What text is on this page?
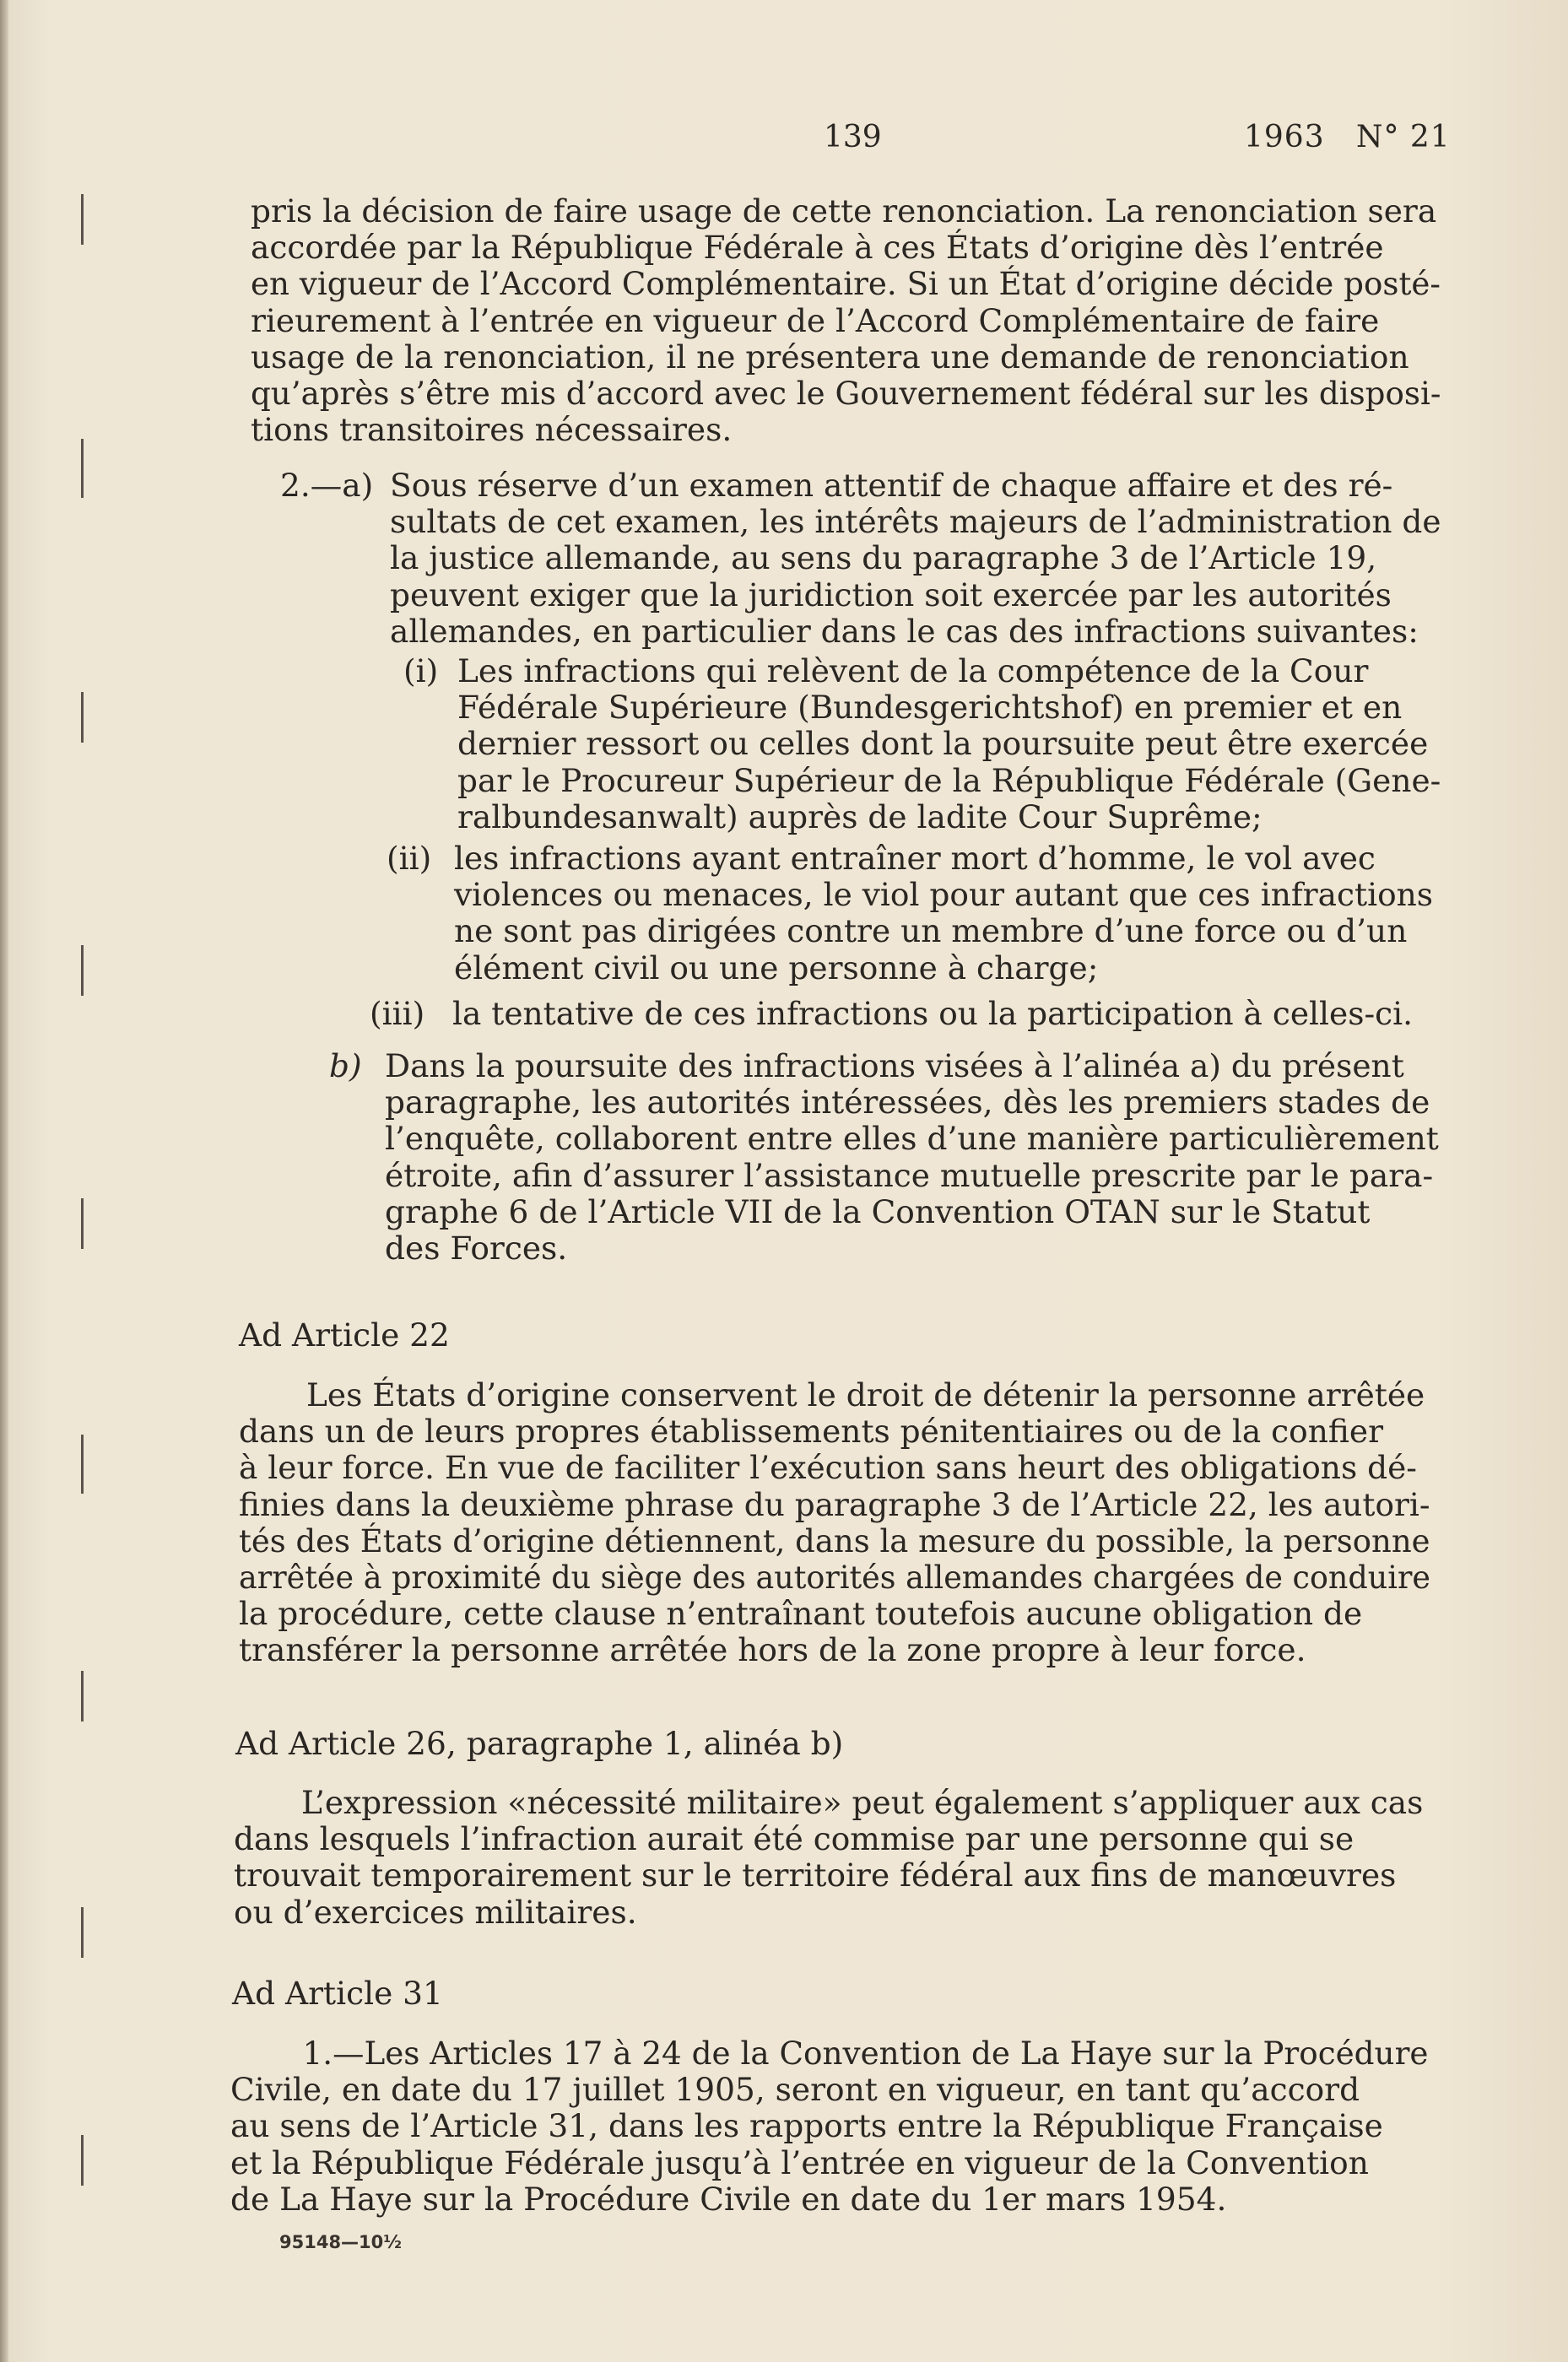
139	1963   N° 21
pris la décision de faire usage de cette renonciation. La renonciation sera
accordée par la République Fédérale à ces États d’origine dès l’entrée
en vigueur de l’Accord Complémentaire. Si un État d’origine décide posté-
rieurement à l’entrée en vigueur de l’Accord Complémentaire de faire
usage de la renonciation, il ne présentera une demande de renonciation
qu’après s’être mis d’accord avec le Gouvernement fédéral sur les disposi-
tions transitoires nécessaires.
2.—a) Sous réserve d’un examen attentif de chaque affaire et des ré-
sultats de cet examen, les intérêts majeurs de l’administration de
la justice allemande, au sens du paragraphe 3 de l’Article 19,
peuvent exiger que la juridiction soit exercée par les autorités
allemandes, en particulier dans le cas des infractions suivantes:
(i) Les infractions qui relèvent de la compétence de la Cour
Fédérale Supérieure (Bundesgerichtshof) en premier et en
dernier ressort ou celles dont la poursuite peut être exercée
par le Procureur Supérieur de la République Fédérale (Gene-
ralbundesanwalt) auprès de ladite Cour Suprême;
(ii) les infractions ayant entraîner mort d’homme, le vol avec
violences ou menaces, le viol pour autant que ces infractions
ne sont pas dirigées contre un membre d’une force ou d’un
élément civil ou une personne à charge;
(iii) la tentative de ces infractions ou la participation à celles-ci.
b) Dans la poursuite des infractions visées à l’alinéa a) du présent
paragraphe, les autorités intéressées, dès les premiers stades de
l’enquête, collaborent entre elles d’une manière particulièrement
étroite, afin d’assurer l’assistance mutuelle prescrite par le para-
graphe 6 de l’Article VII de la Convention OTAN sur le Statut
des Forces.
Ad Article 22
Les États d’origine conservent le droit de détenir la personne arrêtée
dans un de leurs propres établissements pénitentiaires ou de la confier
à leur force. En vue de faciliter l’exécution sans heurt des obligations dé-
finies dans la deuxième phrase du paragraphe 3 de l’Article 22, les autori-
tés des États d’origine détiennent, dans la mesure du possible, la personne
arrêtée à proximité du siège des autorités allemandes chargées de conduire
la procédure, cette clause n’entraînant toutefois aucune obligation de
transférer la personne arrêtée hors de la zone propre à leur force.
Ad Article 26, paragraphe 1, alinéa b)
L’expression «nécessité militaire» peut également s’appliquer aux cas
dans lesquels l’infraction aurait été commise par une personne qui se
trouvait temporairement sur le territoire fédéral aux fins de manœuvres
ou d’exercices militaires.
Ad Article 31
1.—Les Articles 17 à 24 de la Convention de La Haye sur la Procédure
Civile, en date du 17 juillet 1905, seront en vigueur, en tant qu’accord
au sens de l’Article 31, dans les rapports entre la République Française
et la République Fédérale jusqu’à l’entrée en vigueur de la Convention
de La Haye sur la Procédure Civile en date du 1er mars 1954.
95148—10½
